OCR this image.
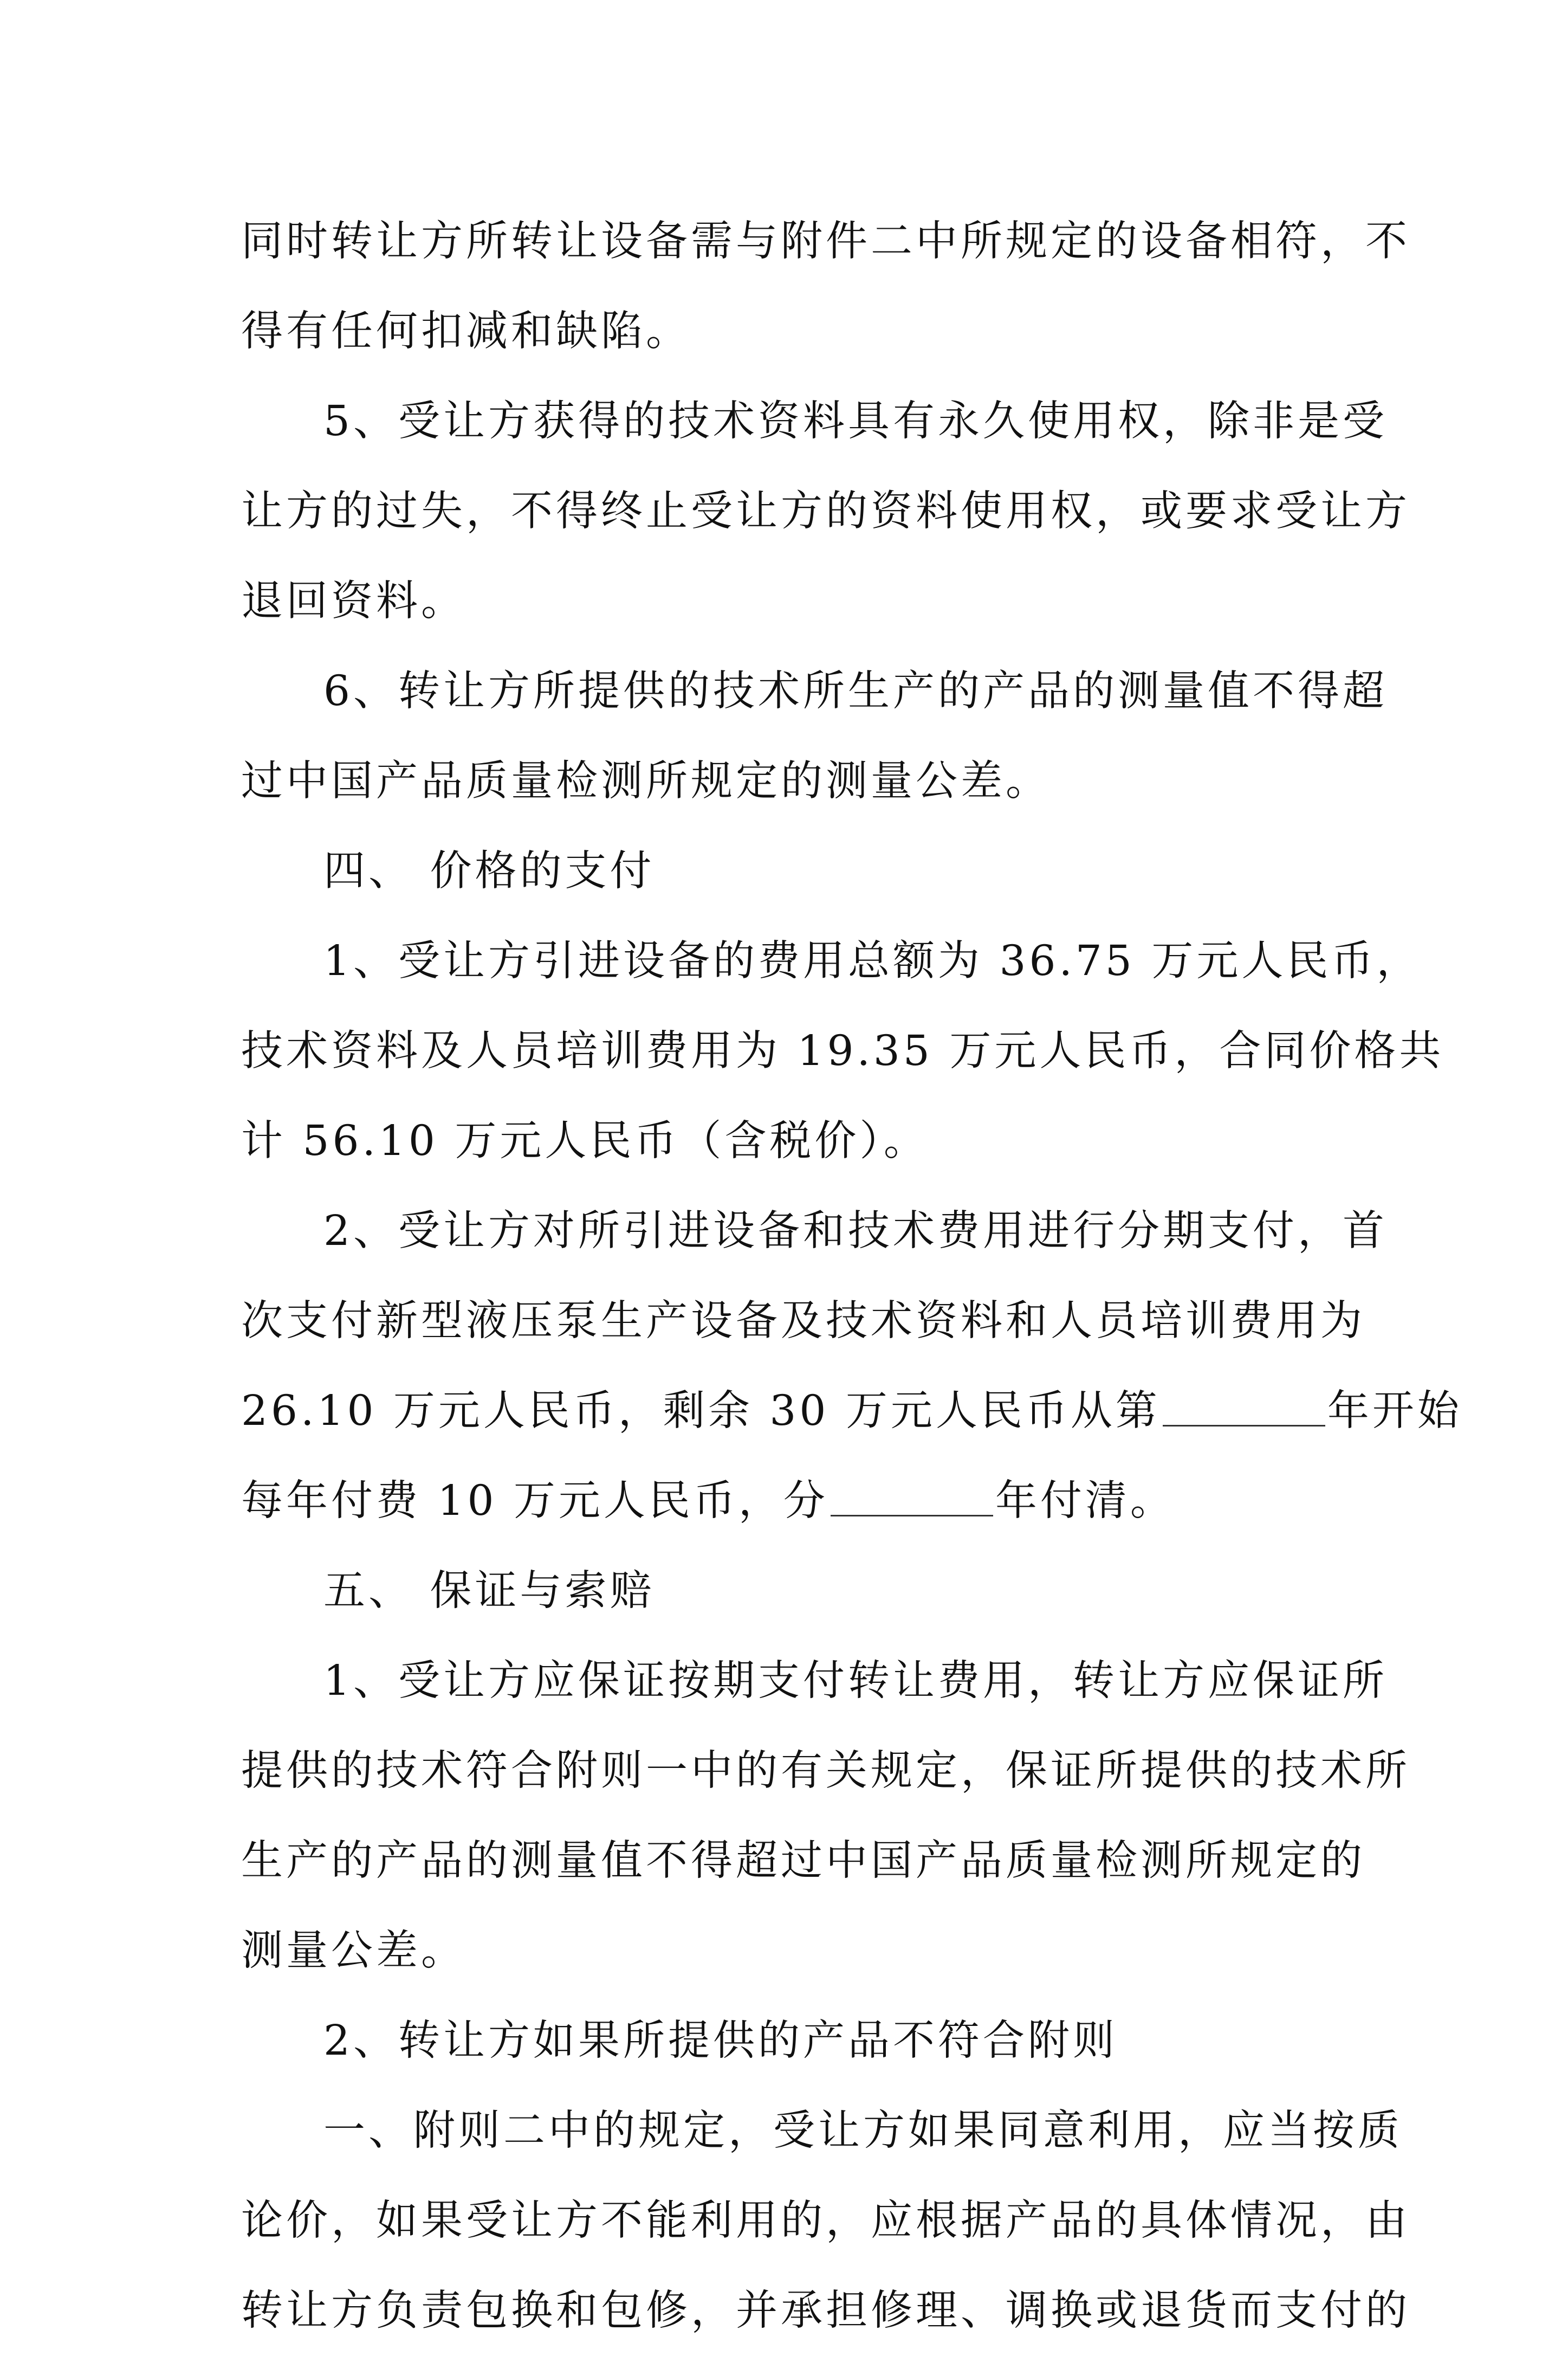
同时转让方所转让设备需与附件二中所规定的设备相符，不
得有任何扣减和缺陷。
5、受让方获得的技术资料具有永久使用权，除非是受
让方的过失，不得终止受让方的资料使用权，或要求受让方
退回资料。
6、转让方所提供的技术所生产的产品的测量值不得超
过中国产品质量检测所规定的测量公差。
四、 价格的支付
1、受让方引进设备的费用总额为 36.75 万元人民币，
技术资料及人员培训费用为 19.35 万元人民币，合同价格共
计 56.10 万元人民币（含税价）。
2、受让方对所引进设备和技术费用进行分期支付，首
次支付新型液压泵生产设备及技术资料和人员培训费用为
26.10 万元人民币，剩余 30 万元人民币从第	年开始
每年付费 10 万元人民币，分	年付清。
五、 保证与索赔
1、受让方应保证按期支付转让费用，转让方应保证所
提供的技术符合附则一中的有关规定，保证所提供的技术所
生产的产品的测量值不得超过中国产品质量检测所规定的
测量公差。
2、转让方如果所提供的产品不符合附则
一、附则二中的规定，受让方如果同意利用，应当按质
论价，如果受让方不能利用的，应根据产品的具体情况，由
转让方负责包换和包修，并承担修理、调换或退货而支付的
